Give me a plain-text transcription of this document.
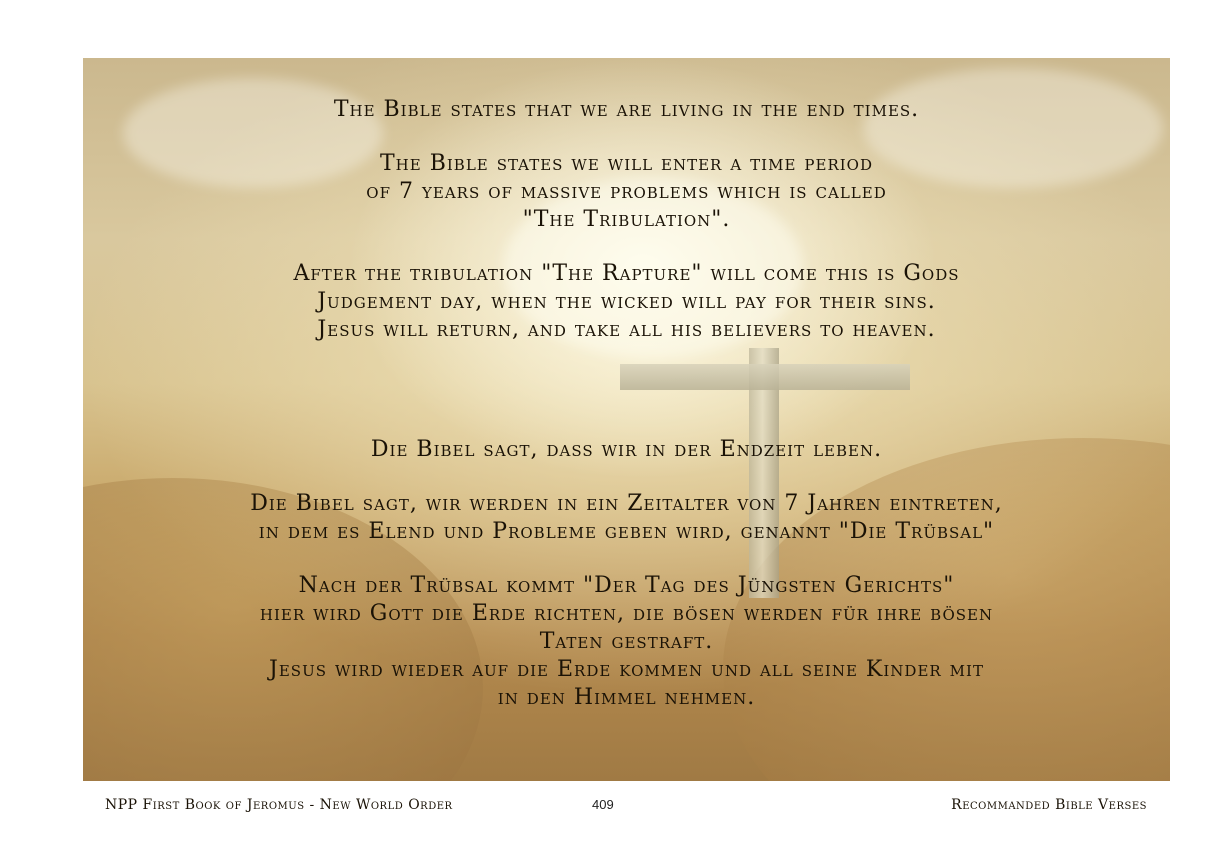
The Bible states that we are living in the end times.

The Bible states we will enter a time period
of 7 years of massive problems which is called
"The Tribulation".

After the tribulation "The Rapture" will come this is Gods
Judgement day, when the wicked will pay for their sins.
Jesus will return, and take all his believers to heaven.

Die Bibel sagt, dass wir in der Endzeit leben.

Die Bibel sagt, wir werden in ein Zeitalter von 7 Jahren eintreten,
in dem es Elend und Probleme geben wird, genannt "Die Trübsal"

Nach der Trübsal kommt "Der Tag des Jüngsten Gerichts"
hier wird Gott die Erde richten, die bösen werden für ihre bösen
Taten gestraft.
Jesus wird wieder auf die Erde kommen und all seine Kinder mit
in den Himmel nehmen.

NPP First Book of Jeromus - New World Order	409	Recommanded Bible Verses
